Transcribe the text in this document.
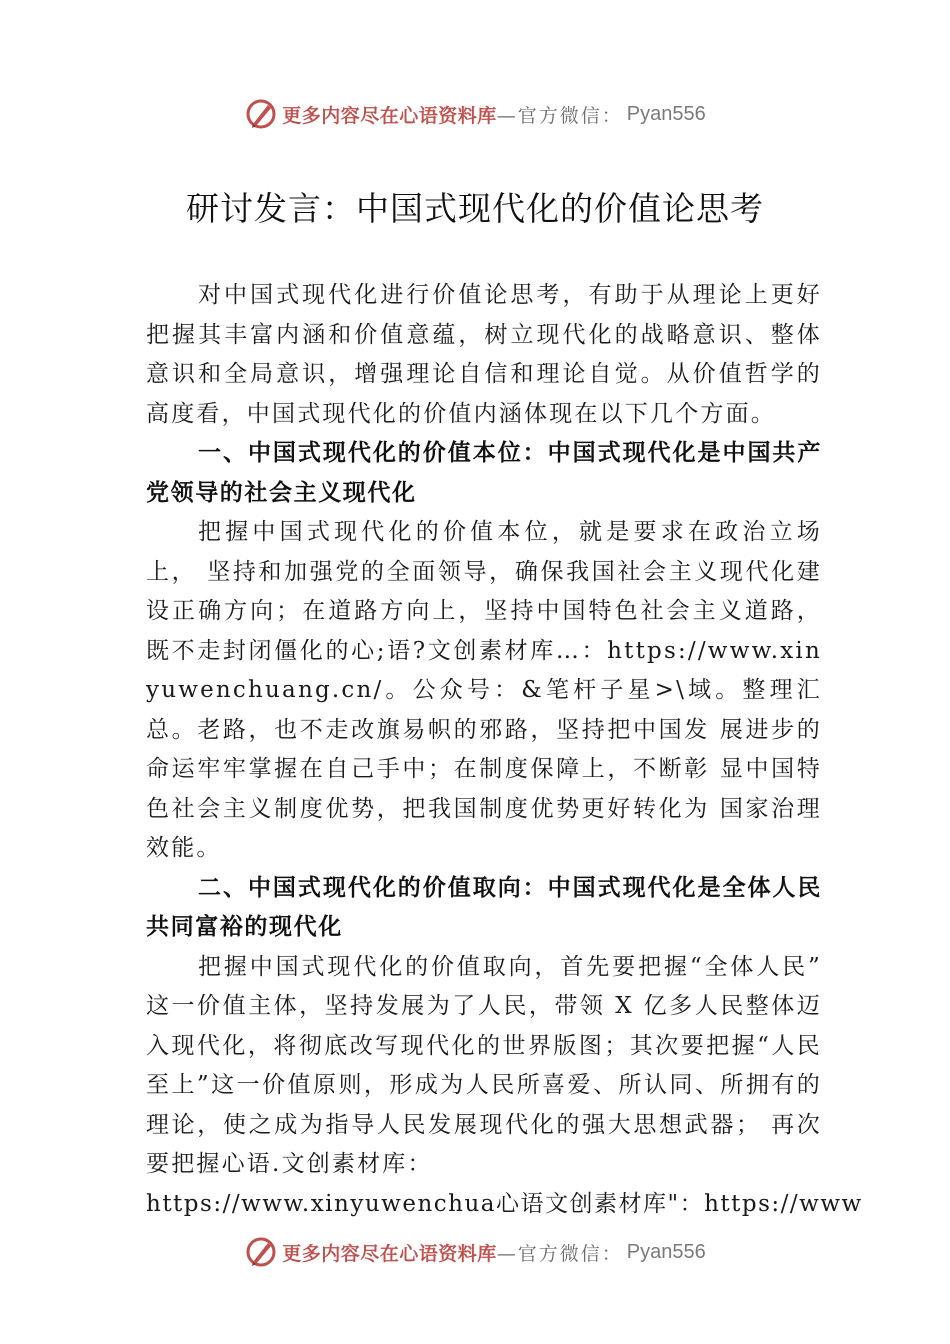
更多内容尽在心语资料库 —官方微信： Pyan556
研讨发言：中国式现代化的价值论思考

对中国式现代化进行价值论思考，有助于从理论上更好把握其丰富内涵和价值意蕴，树立现代化的战略意识、整体意识和全局意识，增强理论自信和理论自觉。从价值哲学的高度看，中国式现代化的价值内涵体现在以下几个方面。

一、中国式现代化的价值本位：中国式现代化是中国共产党领导的社会主义现代化

把握中国式现代化的价值本位，就是要求在政治立场上， 坚持和加强党的全面领导，确保我国社会主义现代化建设正确方向；在道路方向上，坚持中国特色社会主义道路，既不走封闭僵化的心;语?文创素材库…：https://www.xinyuwenchuang.cn/。公众号：&笔杆子星>\域。整理汇总。老路，也不走改旗易帜的邪路，坚持把中国发 展进步的命运牢牢掌握在自己手中；在制度保障上，不断彰 显中国特色社会主义制度优势，把我国制度优势更好转化为 国家治理效能。

二、中国式现代化的价值取向：中国式现代化是全体人民共同富裕的现代化

把握中国式现代化的价值取向，首先要把握“全体人民” 这一价值主体，坚持发展为了人民，带领 X 亿多人民整体迈入现代化，将彻底改写现代化的世界版图；其次要把握“人民至上”这一价值原则，形成为人民所喜爱、所认同、所拥有的理论，使之成为指导人民发展现代化的强大思想武器； 再次要把握心语.文创素材库：

https://www.xinyuwenchua心语文创素材库"：https://www

更多内容尽在心语资料库 —官方微信： Pyan556
